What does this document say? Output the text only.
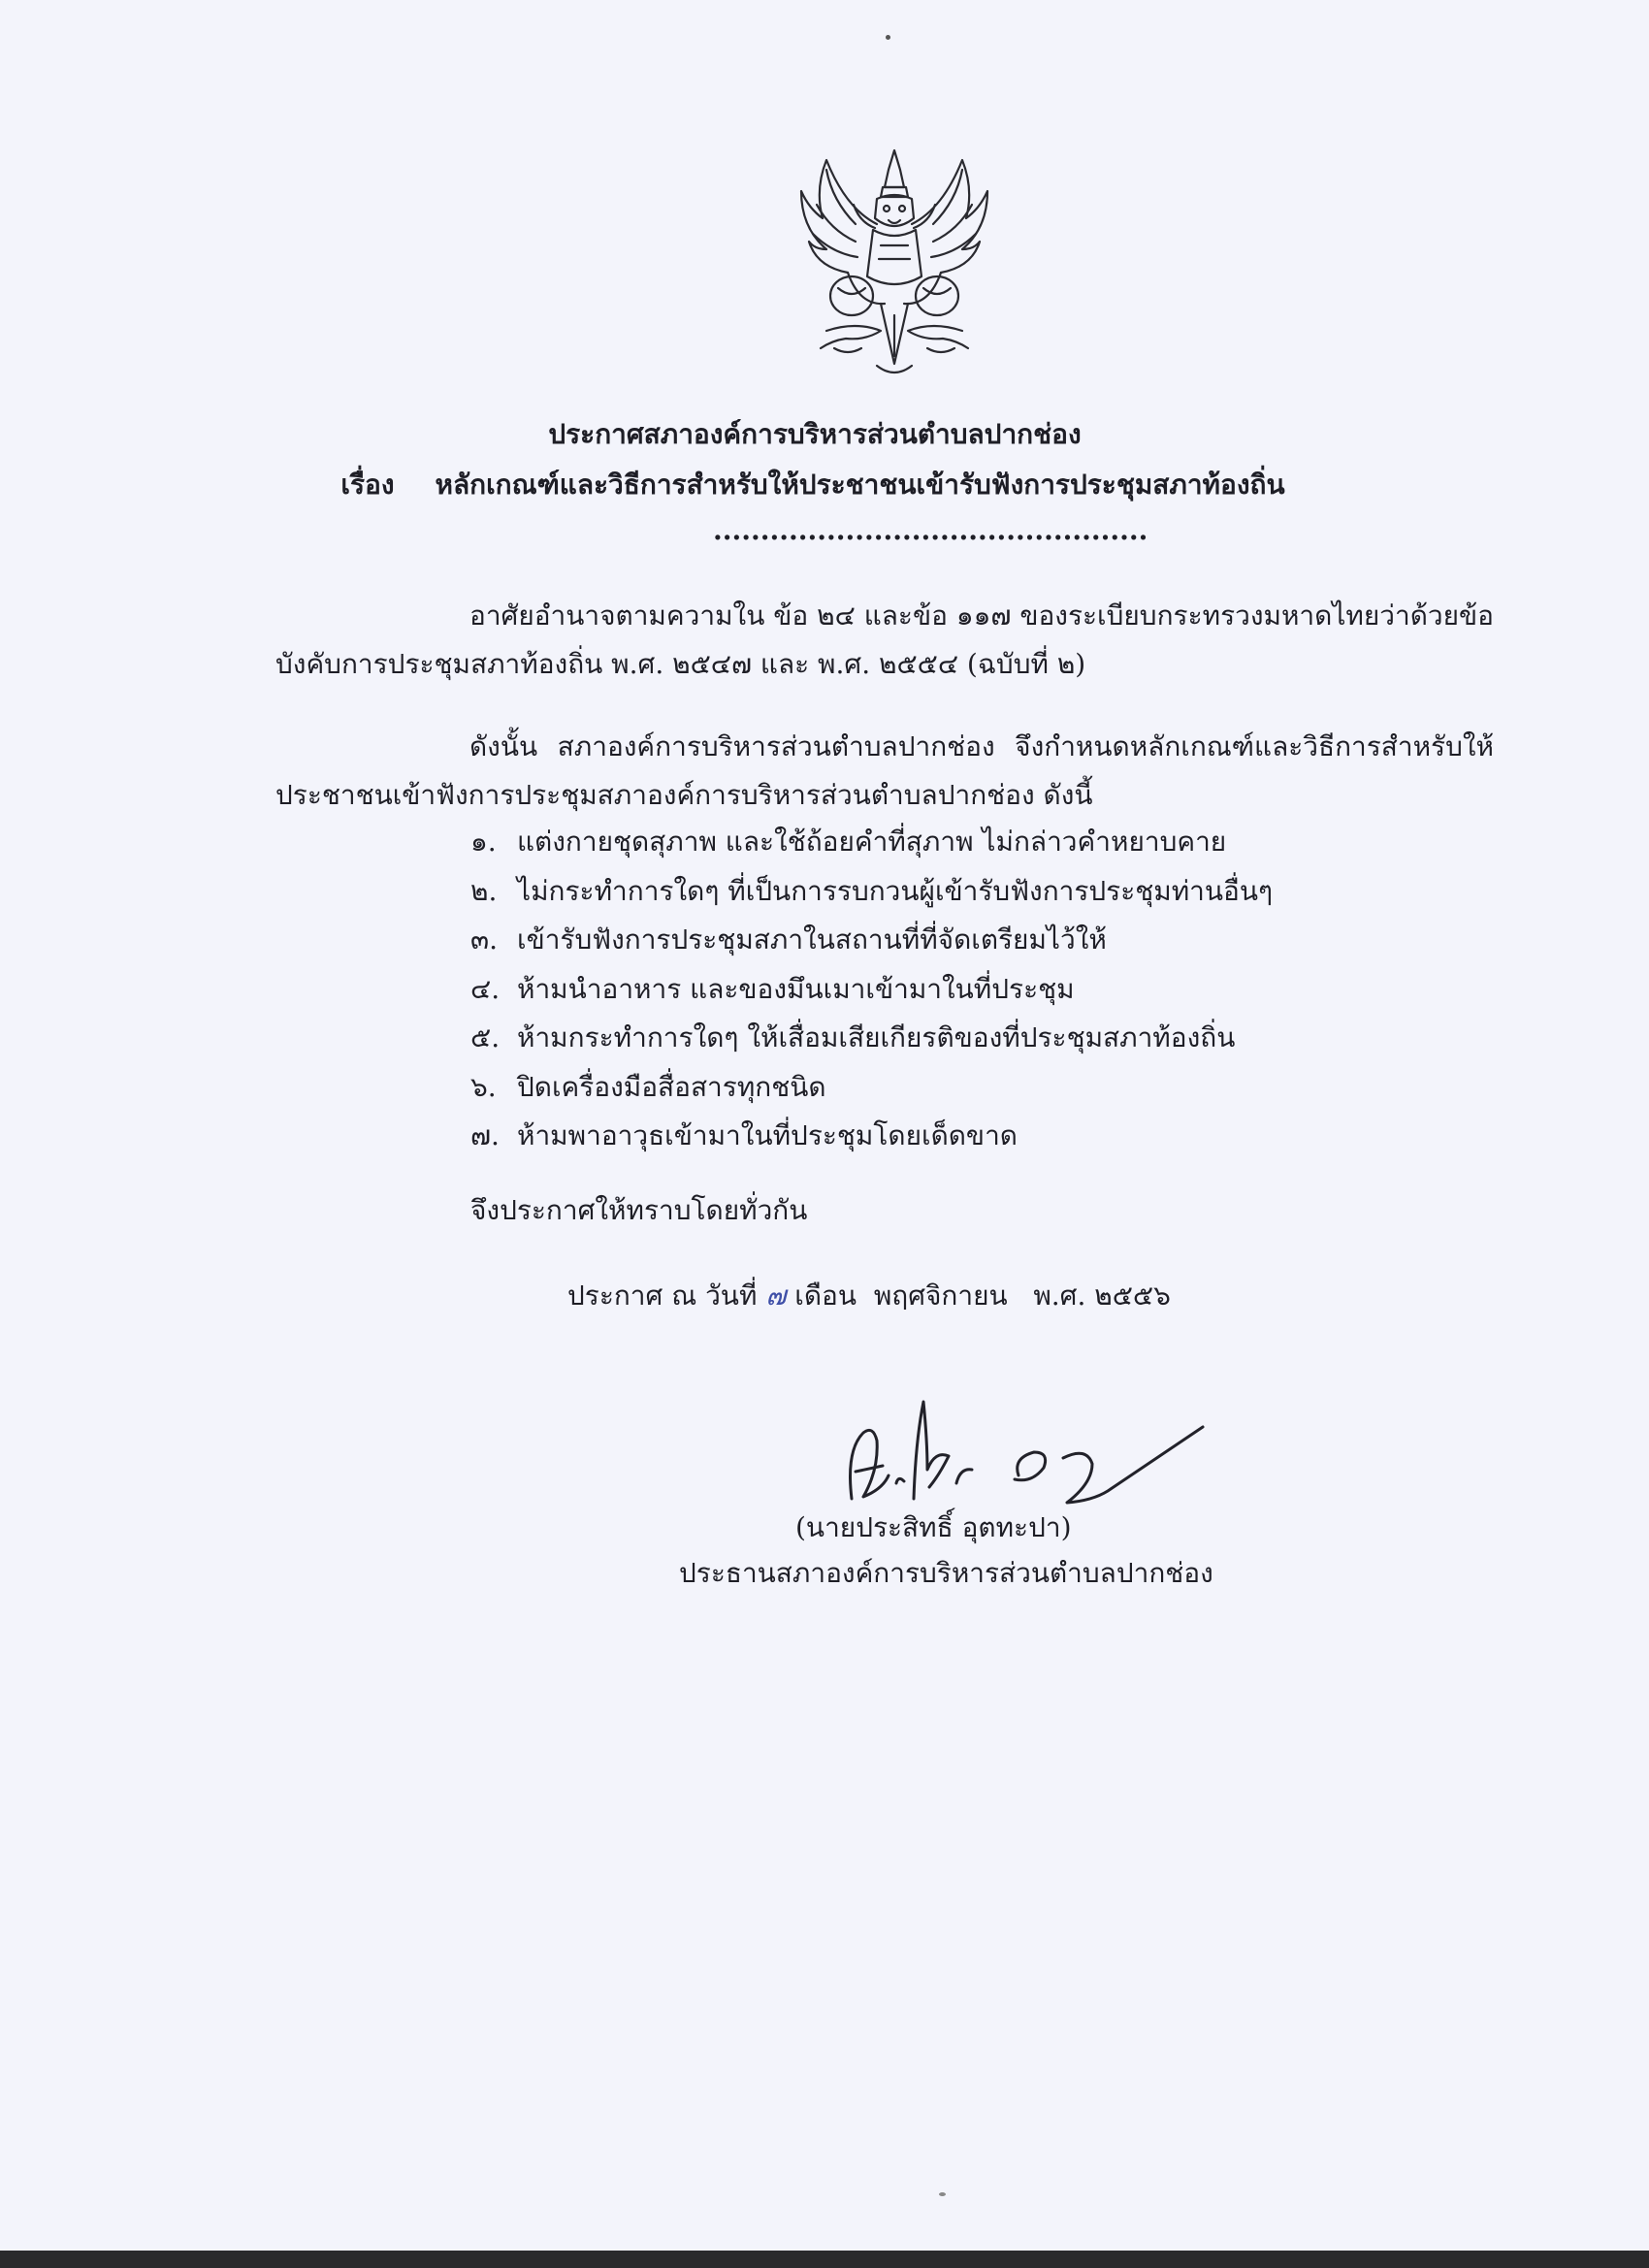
ประกาศสภาองค์การบริหารส่วนตำบลปากช่อง
เรื่อง หลักเกณฑ์และวิธีการสำหรับให้ประชาชนเข้ารับฟังการประชุมสภาท้องถิ่น
..............................................
อาศัยอำนาจตามความใน ข้อ ๒๔ และข้อ ๑๑๗ ของระเบียบกระทรวงมหาดไทยว่าด้วยข้อบังคับการประชุมสภาท้องถิ่น พ.ศ. ๒๕๔๗ และ พ.ศ. ๒๕๕๔ (ฉบับที่ ๒)
ดังนั้น สภาองค์การบริหารส่วนตำบลปากช่อง จึงกำหนดหลักเกณฑ์และวิธีการสำหรับให้ประชาชนเข้าฟังการประชุมสภาองค์การบริหารส่วนตำบลปากช่อง ดังนี้
๑. แต่งกายชุดสุภาพ และใช้ถ้อยคำที่สุภาพ ไม่กล่าวคำหยาบคาย
๒. ไม่กระทำการใดๆ ที่เป็นการรบกวนผู้เข้ารับฟังการประชุมท่านอื่นๆ
๓. เข้ารับฟังการประชุมสภาในสถานที่ที่จัดเตรียมไว้ให้
๔. ห้ามนำอาหาร และของมึนเมาเข้ามาในที่ประชุม
๕. ห้ามกระทำการใดๆ ให้เสื่อมเสียเกียรติของที่ประชุมสภาท้องถิ่น
๖. ปิดเครื่องมือสื่อสารทุกชนิด
๗. ห้ามพาอาวุธเข้ามาในที่ประชุมโดยเด็ดขาด
จึงประกาศให้ทราบโดยทั่วกัน
ประกาศ ณ วันที่ ๗ เดือน พฤศจิกายน พ.ศ. ๒๕๕๖
(นายประสิทธิ์ อุตทะปา)
ประธานสภาองค์การบริหารส่วนตำบลปากช่อง
